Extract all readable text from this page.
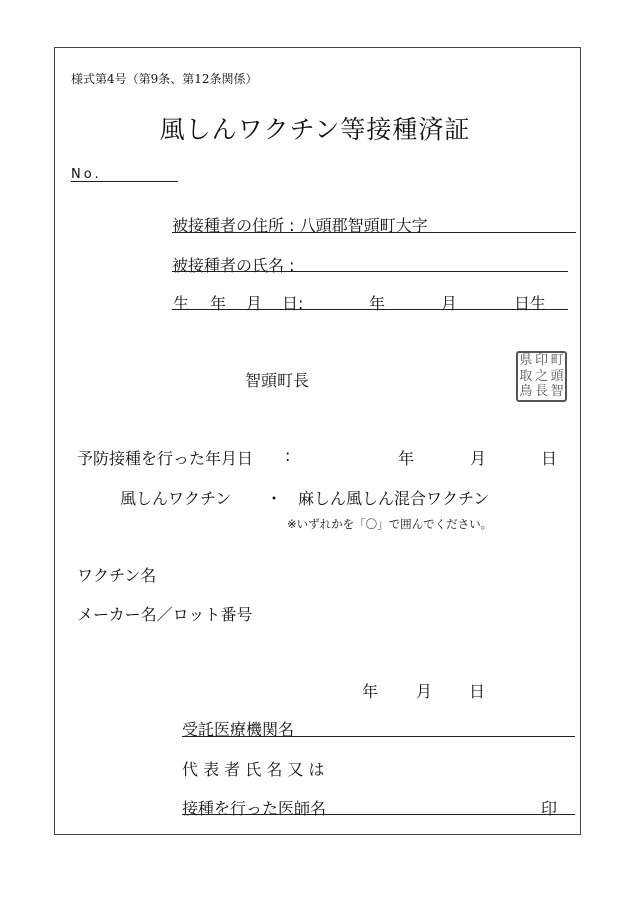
様式第4号（第9条、第12条関係）
風しんワクチン等接種済証
No.
被接種者の住所 : 八頭郡智頭町大字
被接種者の氏名 :
生 年 月 日:	年	月	日生
智頭町長
県 印 町
取 之 頭
鳥 長 智
予防接種を行った年月日 :	年	月	日
風しんワクチン ・ 麻しん風しん混合ワクチン
※いずれかを「〇」で囲んでください。
ワクチン名
メーカー名／ロット番号
年 月 日
受託医療機関名
代 表 者 氏 名 又 は
接種を行った医師名	印
